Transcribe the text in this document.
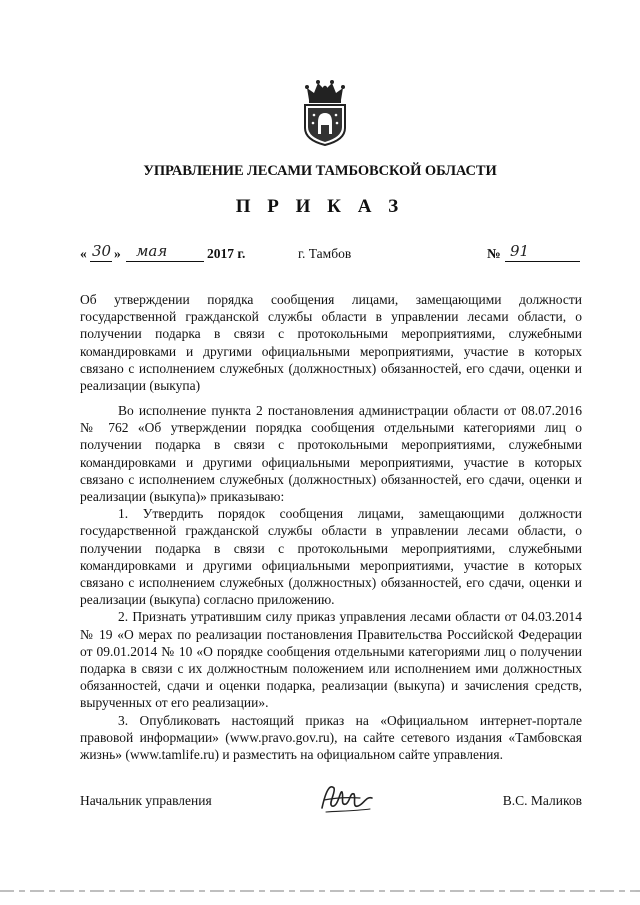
УПРАВЛЕНИЕ ЛЕСАМИ ТАМБОВСКОЙ ОБЛАСТИ
П Р И К А З
« 30 » мая	2017 г.	г. Тамбов	№ 91
Об утверждении порядка сообщения лицами, замещающими должности государственной гражданской службы области в управлении лесами области, о получении подарка в связи с протокольными мероприятиями, служебными командировками и другими официальными мероприятиями, участие в которых связано с исполнением служебных (должностных) обязанностей, его сдачи, оценки и реализации (выкупа)

Во исполнение пункта 2 постановления администрации области от 08.07.2016 № 762 «Об утверждении порядка сообщения отдельными категориями лиц о получении подарка в связи с протокольными мероприятиями, служебными командировками и другими официальными мероприятиями, участие в которых связано с исполнением служебных (должностных) обязанностей, его сдачи, оценки и реализации (выкупа)» приказываю:

1. Утвердить порядок сообщения лицами, замещающими должности государственной гражданской службы области в управлении лесами области, о получении подарка в связи с протокольными мероприятиями, служебными командировками и другими официальными мероприятиями, участие в которых связано с исполнением служебных (должностных) обязанностей, его сдачи, оценки и реализации (выкупа) согласно приложению.

2. Признать утратившим силу приказ управления лесами области от 04.03.2014 № 19 «О мерах по реализации постановления Правительства Российской Федерации от 09.01.2014 № 10 «О порядке сообщения отдельными категориями лиц о получении подарка в связи с их должностным положением или исполнением ими должностных обязанностей, сдачи и оценки подарка, реализации (выкупа) и зачисления средств, вырученных от его реализации».

3. Опубликовать настоящий приказ на «Официальном интернет-портале правовой информации» (www.pravo.gov.ru), на сайте сетевого издания «Тамбовская жизнь» (www.tamlife.ru) и разместить на официальном сайте управления.

Начальник управления	В.С. Маликов
